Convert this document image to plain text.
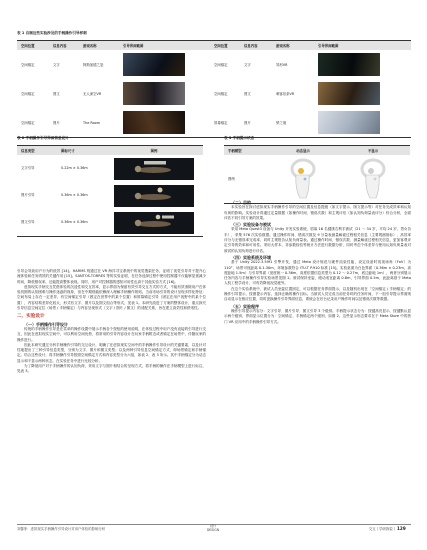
表 1 自制这些实验涉及的手柄操作引导样刺
空间位置	信息内容	游戏名称	引导界面截图	空间位置	信息内容	游戏名称	引导界面截图
空间锚定	文字	阿斯加德之怒	空间锚定	文字	异形VR
空间锚定	图文	无人深空VR	空间锚定	图文	刺客信条VR
空间锚定	图片	The Room	屏幕锚定	图片	梦之境
表 2 手柄操作引导界面信息设计
信息类型	图标尺寸	图例
文字引导	0.22m × 0.36m
图片引导	0.36m × 0.36m
图文引导	0.36m × 0.36m
表 3 手柄提示状态
手柄模型	动态显示	不显示
图例

引导会导致用户行为的低效 [14]。HARMS 则通过在 VR 海洋寻宝系统中的视觉搜索任务，证明了视觉引导对于提升心流体验和任务绩效的关键作用 [15]。SANTOS-TORRES 等的实验证明，在任务选择过程中使用控制器不仅能够显著减少时间，降低错误率，还能提高整体表现。同时，用户对控制器的感知可用性也高于其他实验方式 [16]。

虚拟现实手柄交互凭借体验的沉浸性和交互效率，显示界面为保留有效引导交互方式的方式，不能有效消除用户在体验初期的认知困难与操作迷惑的现象，但在中期则能依赖深入理解手柄操作规则。当前市场引导的设计呈现多样化特征：空间布局上存在一定差异，有空间锚定引导（固定在世界中的某个位置）和屏幕锚定引导（固定在用户视野中的某个位置），内容结构差异化较大，形式有文字、图片以及图文组合等形式，见表 1。本研究改进了方案的整体设计，重点探究引导信息空间定位（场景 / 手柄锚定）与内容呈现形式（文字 / 图片 / 图文）的适配关系，旨在建立高效性和舒适性。

二、实验设计
（一）手柄操作引导设计

传统的手柄操作引导是在菜单的操作设置中展示手柄各个按钮的使用说明，在体验过程中用户没有直接的引导进行交互，因此在虚拟现实空间中，可以利用空间优势，将常用的引导内容设计在玩家手柄附近或者锚定在场景中，伴随玩家的操作进行。

因此本研究通过分析手柄操作引导的交互设计，明确了在虚拟现实空间中的手柄操作引导设计的关键要素，以及针对性地提出了三种引导信息类型，分别为文字、图片和图文类型；以及两种引导信息空间锚定方式，即场景锚定和手柄锚定。结合这些设计，将手柄操作引导按照空间锚定方式和内容类型分为六组，如表 2、表 3 所示。其中手柄锚定分为动态显示和不显示两种状态，在实验任务中进行比较分析。

为了降低用户对于手柄操作的认知负荷，采用文字与图片相结合的呈现方式，将手柄的操作在手柄模型上进行标注，见表 3。

（二）目的

本实验旨在探讨虚拟现实手柄操作引导的空间位置及信息提级（如文字提示、图文提示等）对任务完成效率和认知负荷的影响。实验设计将通过定量数据（如操作时间、错误次数）和主观评估（如认知负荷量表评分）综合分析，全面评估不同引导方案的效果。

（三）实验设备与被试

采用 Meta Quest3 设备与 Unity 开发实验系统，招募 16 名健康右利手被试（21 ～ 34 岁，平均 24 岁，男女各半），采集 576 次实验数据。通过操作时间、错误次数及 9 分量表测量解谜过程相关信息（主要观测指标）、高效率评分与无错误率完成率，同时主观报告认知负荷量表。通过操作时间、错误次数、测量解谜过程相关信息，更加客观评定引导的效率和可用性。采用大样本、非参数检验等统计方法进行数据分析，同时考虑个体差异与使用认知负荷量表对被试的认知负荷进行评估。

（四）实验系统及环境

基于 Unity 2022.3.59f1 引擎开发，通过 Meta 设计规范与硬件渲染性能，设定设备时视视场角（FoV）为 110°，场景可视距离 0.1-30m，环境参数符合 ITU-T P.910 标准 [15]。实验桌面为白色界面（0.36m × 0.23m，高度距地 1.5m）与引导界面（宽度统一 0.36m，高度依据信息类型为 0.12 ～ 0.27m，底边距地 1m），两者分别展示任务内容与手柄操作引导实验场景见图 1。被试保持坐姿，眼动适宜距离 0.8m，引导界面 0.5m，此距离基于 Meta 人机工程学设计，可有效降低视觉疲劳。

在这个实验系统中，被试人员坐姿位置固定，可以根据任务界面提示，以及随机出现在「空间锚定 / 手柄锚定」的操作引导提示，按照提示内容，选择正确的操作目标。当被试人员完成当前任务时的任务时间，下一组引导提示界面则自动显示在相应位置，同时更换操作引导界面信息，系统会在后台记录用户操作时间以及错误次数等数据。

（五）实验程序

操作引导提示内容分：文字引导、图片引导、图文引导 3 个级别。手柄提示状态分为：按键高亮显示、按键默认显示两个级别，界面显示位置分为：空间锚定、手柄锚定两个级别，如图 2。这些显示形态要求在于 Meta Store 中的热门 VR 应用中的手柄操作引导方式。

刘馨菲：虚拟现实手柄操作引导设计对用户体验的影响分析
设计
DESIGN	交互丨学研探索丨 129
